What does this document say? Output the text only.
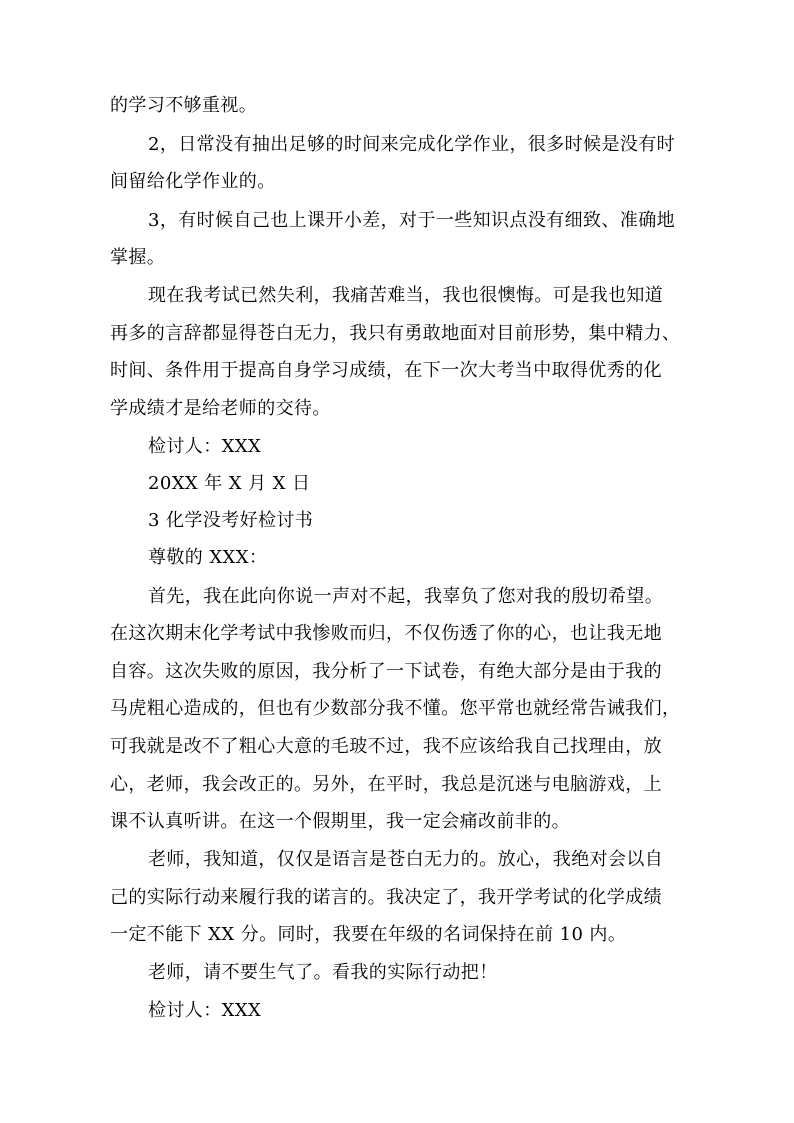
的学习不够重视。
2，日常没有抽出足够的时间来完成化学作业，很多时候是没有时
间留给化学作业的。
3，有时候自己也上课开小差，对于一些知识点没有细致、准确地
掌握。
现在我考试已然失利，我痛苦难当，我也很懊悔。可是我也知道
再多的言辞都显得苍白无力，我只有勇敢地面对目前形势，集中精力、
时间、条件用于提高自身学习成绩，在下一次大考当中取得优秀的化
学成绩才是给老师的交待。
检讨人：XXX
20XX 年 X 月 X 日
3 化学没考好检讨书
尊敬的 XXX：
首先，我在此向你说一声对不起，我辜负了您对我的殷切希望。
在这次期末化学考试中我惨败而归，不仅伤透了你的心，也让我无地
自容。这次失败的原因，我分析了一下试卷，有绝大部分是由于我的
马虎粗心造成的，但也有少数部分我不懂。您平常也就经常告诫我们，
可我就是改不了粗心大意的毛玻不过，我不应该给我自己找理由，放
心，老师，我会改正的。另外，在平时，我总是沉迷与电脑游戏，上
课不认真听讲。在这一个假期里，我一定会痛改前非的。
老师，我知道，仅仅是语言是苍白无力的。放心，我绝对会以自
己的实际行动来履行我的诺言的。我决定了，我开学考试的化学成绩
一定不能下 XX 分。同时，我要在年级的名词保持在前 10 内。
老师，请不要生气了。看我的实际行动把！
检讨人：XXX
